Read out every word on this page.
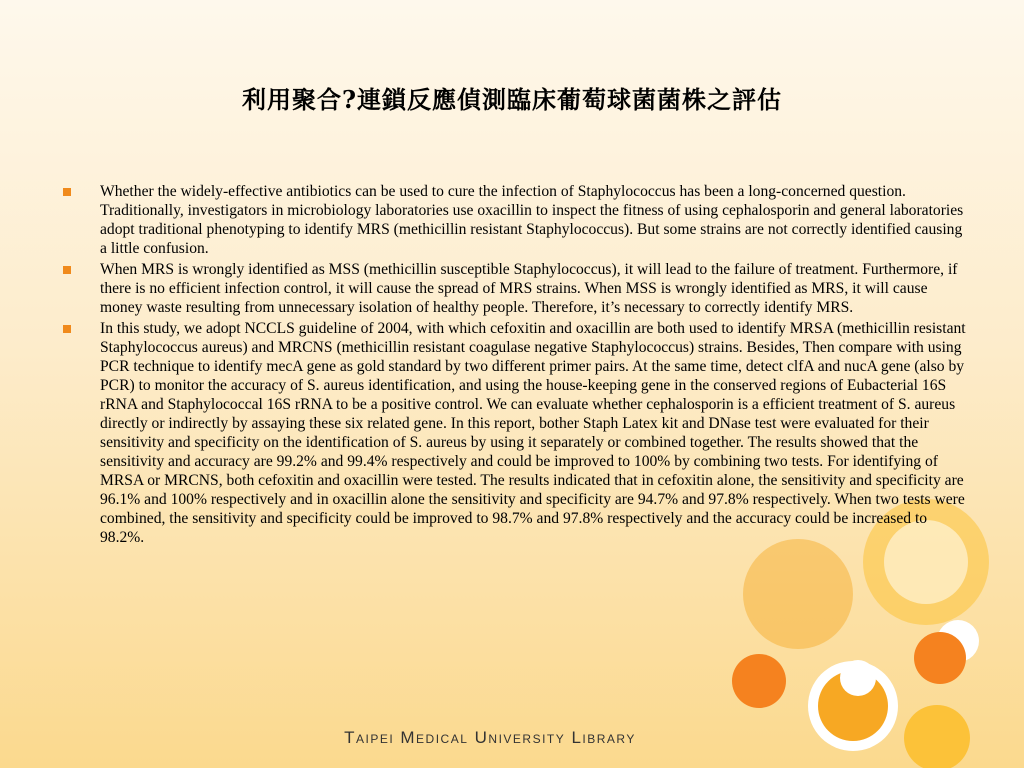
利用聚合?連鎖反應偵測臨床葡萄球菌菌株之評估
Whether the widely-effective antibiotics can be used to cure the infection of Staphylococcus has been a long-concerned question. Traditionally, investigators in microbiology laboratories use oxacillin to inspect the fitness of using cephalosporin and general laboratories adopt traditional phenotyping to identify MRS (methicillin resistant Staphylococcus). But some strains are not correctly identified causing a little confusion.
When MRS is wrongly identified as MSS (methicillin susceptible Staphylococcus), it will lead to the failure of treatment. Furthermore, if there is no efficient infection control, it will cause the spread of MRS strains. When MSS is wrongly identified as MRS, it will cause money waste resulting from unnecessary isolation of healthy people. Therefore, it’s necessary to correctly identify MRS.
In this study, we adopt NCCLS guideline of 2004, with which cefoxitin and oxacillin are both used to identify MRSA (methicillin resistant Staphylococcus aureus) and MRCNS (methicillin resistant coagulase negative Staphylococcus) strains. Besides, Then compare with using PCR technique to identify mecA gene as gold standard by two different primer pairs. At the same time, detect clfA and nucA gene (also by PCR) to monitor the accuracy of S. aureus identification, and using the house-keeping gene in the conserved regions of Eubacterial 16S rRNA and Staphylococcal 16S rRNA to be a positive control. We can evaluate whether cephalosporin is a efficient treatment of S. aureus directly or indirectly by assaying these six related gene. In this report, bother Staph Latex kit and DNase test were evaluated for their sensitivity and specificity on the identification of S. aureus by using it separately or combined together. The results showed that the sensitivity and accuracy are 99.2% and 99.4% respectively and could be improved to 100% by combining two tests. For identifying of MRSA or MRCNS, both cefoxitin and oxacillin were tested. The results indicated that in cefoxitin alone, the sensitivity and specificity are 96.1% and 100% respectively and in oxacillin alone the sensitivity and specificity are 94.7% and 97.8% respectively. When two tests were combined, the sensitivity and specificity could be improved to 98.7% and 97.8% respectively and the accuracy could be increased to 98.2%.
Taipei Medical University Library
